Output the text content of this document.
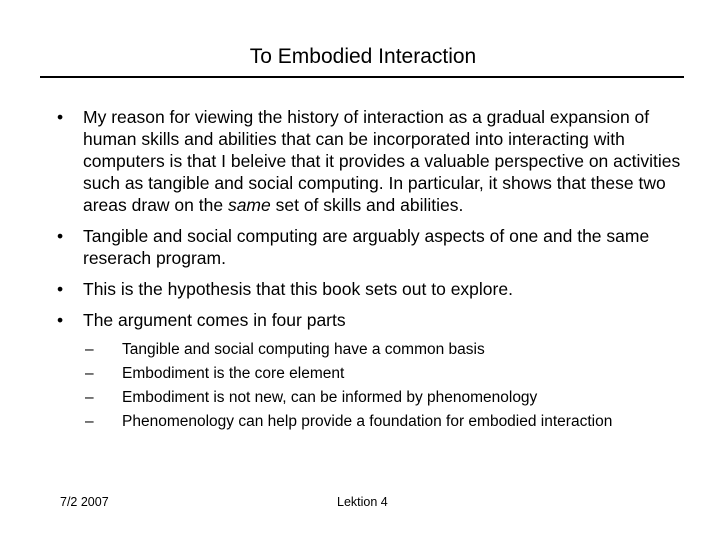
To Embodied Interaction
• My reason for viewing the history of interaction as a gradual expansion of human skills and abilities that can be incorporated into interacting with computers is that I beleive that it provides a valuable perspective on activities such as tangible and social computing. In particular, it shows that these two areas draw on the same set of skills and abilities.
• Tangible and social computing are arguably aspects of one and the same reserach program.
• This is the hypothesis that this book sets out to explore.
• The argument comes in four parts
– Tangible and social computing have a common basis
– Embodiment is the core element
– Embodiment is not new, can be informed by phenomenology
– Phenomenology can help provide a foundation for embodied interaction
7/2 2007	Lektion 4
